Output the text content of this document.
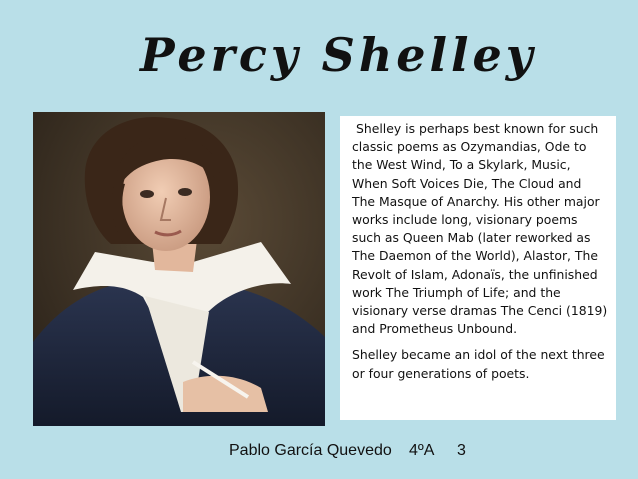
Percy Shelley

Shelley is perhaps best known for such classic poems as Ozymandias, Ode to the West Wind, To a Skylark, Music, When Soft Voices Die, The Cloud and The Masque of Anarchy. His other major works include long, visionary poems such as Queen Mab (later reworked as The Daemon of the World), Alastor, The Revolt of Islam, Adonaïs, the unfinished work The Triumph of Life; and the visionary verse dramas The Cenci (1819) and Prometheus Unbound.

Shelley became an idol of the next three or four generations of poets.

Pablo García Quevedo 4ºA 3
